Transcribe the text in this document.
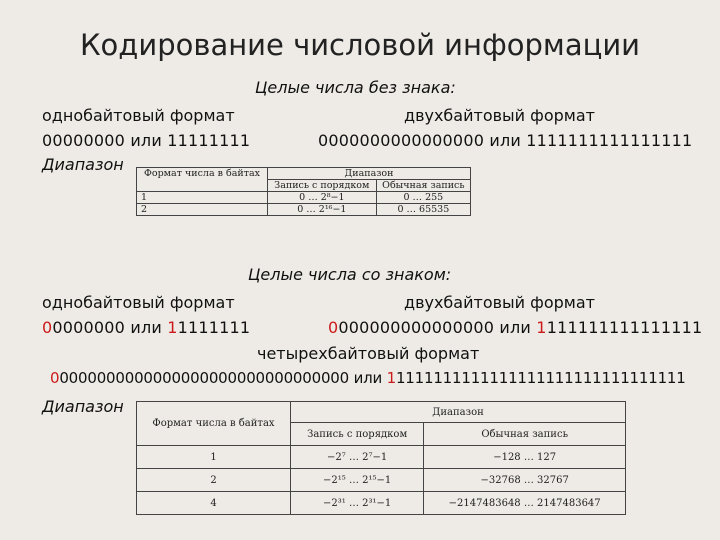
Кодирование числовой информации
Целые числа без знака:
однобайтовый формат	двухбайтовый формат
00000000 или 11111111	0000000000000000 или 1111111111111111
Диапазон Формат числа в байтах	Диапазон	
	Запись с порядком	Обычная запись
1	0 … 2⁸−1	0 … 255
2	0 … 2¹⁶−1	0 … 65535
Целые числа со знаком:
однобайтовый формат	двухбайтовый формат
00000000 или 11111111	0000000000000000 или 1111111111111111
четырехбайтовый формат
00000000000000000000000000000000 или 11111111111111111111111111111111
Диапазон
Формат числа в байтах	Диапазон	
	Запись с порядком	Обычная запись
1	−2⁷ … 2⁷−1	−128 … 127
2	−2¹⁵ … 2¹⁵−1	−32768 … 32767
4	−2³¹ … 2³¹−1	−2147483648 … 2147483647
